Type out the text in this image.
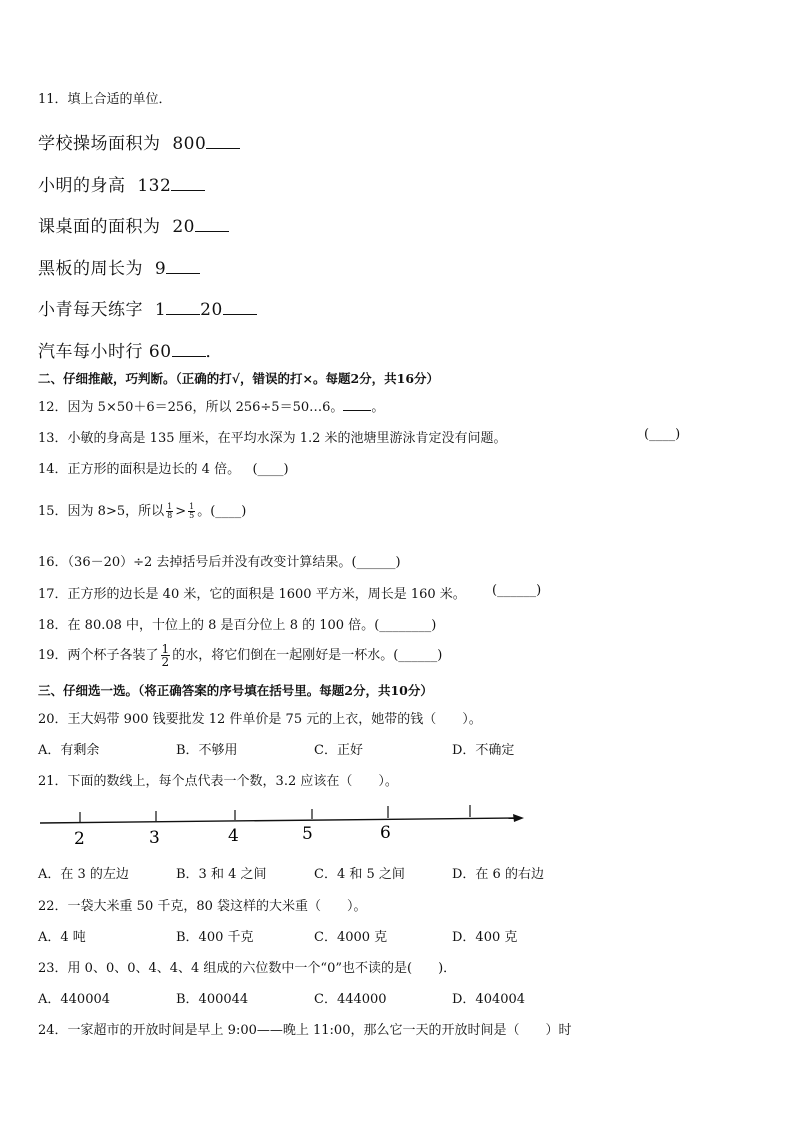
11．填上合适的单位．
学校操场面积为 800
小明的身高 132
课桌面的面积为 20
黑板的周长为 9
小青每天练字 1 20
汽车每小时行 60 ．
二、仔细推敲，巧判断。（正确的打√，错误的打×。每题2分，共16分）
12．因为 5×50＋6＝256，所以 256÷5＝50…6。 。
13．小敏的身高是 135 厘米，在平均水深为 1.2 米的池塘里游泳肯定没有问题。	(____)
14．正方形的面积是边长的 4 倍。 (____)
15．因为 8>5，所以 $\frac{1}{8} > \frac{1}{5}$ 。(____)
16．（36－20）÷2 去掉括号后并没有改变计算结果。(______)
17．正方形的边长是 40 米，它的面积是 1600 平方米，周长是 160 米。 (______)
18．在 80.08 中，十位上的 8 是百分位上 8 的 100 倍。(________)
19．两个杯子各装了 $\frac{1}{2}$ 的水，将它们倒在一起刚好是一杯水。(______)
三、仔细选一选。（将正确答案的序号填在括号里。每题2分，共10分）
20．王大妈带 900 钱要批发 12 件单价是 75 元的上衣，她带的钱（　　）。
A．有剩余	B．不够用	C．正好	D．不确定
21．下面的数线上，每个点代表一个数，3.2 应该在（　　）。
2	3	4	5	6
A．在 3 的左边	B．3 和 4 之间	C．4 和 5 之间	D．在 6 的右边
22．一袋大米重 50 千克，80 袋这样的大米重（　　）。
A．4 吨	B．400 千克	C．4000 克	D．400 克
23．用 0、0、0、4、4、4 组成的六位数中一个“0”也不读的是(　　)．
A．440004	B．400044	C．444000	D．404004
24．一家超市的开放时间是早上 9:00——晚上 11:00，那么它一天的开放时间是（　　）时
